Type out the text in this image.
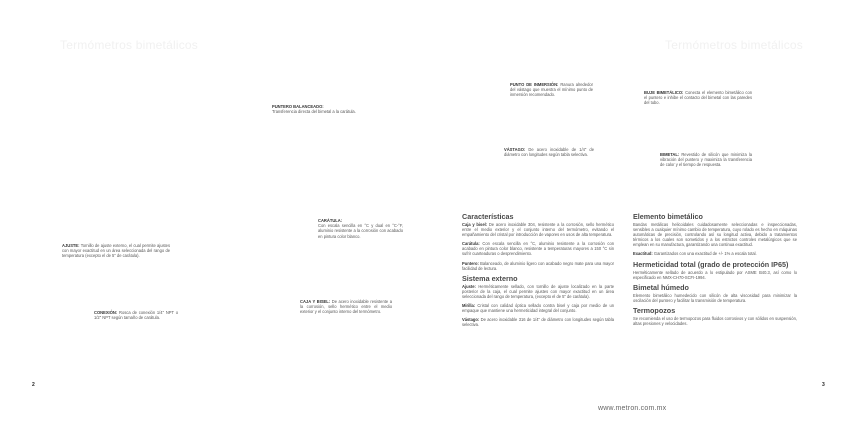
Termómetros bimetálicos	Termómetros bimetálicos
PUNTO DE INMERSIÓN: Ranura alrededor del vástago que muestra el mínimo punto de inmersión recomendado.
PUNTERO BALANCEADO:
Transferencia directa del bimetal a la carátula.
BUJE BIMETÁLICO: Conecta el elemento bimetálico con el puntero e inhibe el contacto del bimetal con las paredes del tubo.
VÁSTAGO: De acero inoxidable de 1/4" de diámetro con longitudes según tabla selectiva.	BIMETAL: Revestido de silicón que minimiza la vibración del puntero y maximiza la transferencia de calor y el tiempo de respuesta.
CARÁTULA:
Con escala sencilla en °C y dual en °C-°F, aluminio resistente a la corrosión con acabado en pintura color blanco.
AJUSTE: Tornillo de ajuste externo, el cual permite ajustes con mayor exactitud en un área seleccionada del rango de temperatura (excepto el de 5" de carátula).
CAJA Y BISEL: De acero inoxidable resistente a la corrosión, sello hermético entre el medio exterior y el conjunto interno del termómetro.
CONEXIÓN: Rosca de conexión 1/4" NPT o 1/2" NPT según tamaño de carátula.
Características

Caja y bisel: De acero inoxidable 304, resistente a la corrosión, sello hermético entre el medio exterior y el conjunto interno del termómetro, evitando el empañamiento del cristal por introducción de vapores en usos de alta temperatura.

Carátula: Con escala sencilla en °C, aluminio resistente a la corrosión con acabado en pintura color blanco, resistente a temperaturas mayores a 150 °C sin sufrir cuarteaduras o desprendimiento.

Puntero: Balanceado, de aluminio ligero con acabado negro mate para una mayor facilidad de lectura.

Sistema externo

Ajuste: Herméticamente sellado, con tornillo de ajuste localizado en la parte posterior de la caja, el cual permite ajustes con mayor exactitud en un área seleccionada del rango de temperatura, (excepto el de 5" de carátula).

Mirilla: Cristal con calidad óptica sellado contra bisel y caja por medio de un empaque que mantiene una hermeticidad integral del conjunto.

Vástago: De acero inoxidable 316 de 1/4" de diámetro con longitudes según tabla selectiva.

Elemento bimetálico

Bandas metálicas helicoidales cuidadosamente seleccionadas e inspeccionadas, sensibles a cualquier mínimo cambio de temperatura, cuyo rolado es hecho en máquinas automáticas de precisión, controlando así su longitud activa, debido a tratamientos térmicos a los cuales son sometidos y a los estrictos controles metalúrgicos que se emplean en su manufactura, garantizando una continua exactitud.

Exactitud: Garantizados con una exactitud de +/- 1% a escala total.

Hermeticidad total (grado de protección IP65)

Herméticamente sellado de acuerdo a lo estipulado por ASME B40.3, así como lo especificado en NMX-CH70-SCFI-1994.

Bimetal húmedo

Elemento bimetálico humedecido con silicón de alta viscosidad para minimizar la oscilación del puntero y facilitar la transmisión de temperatura.

Termopozos

Se recomienda el uso de termopozos para fluidos corrosivos y con sólidos en suspensión, altas presiones y velocidades.

2	3
www.metron.com.mx
